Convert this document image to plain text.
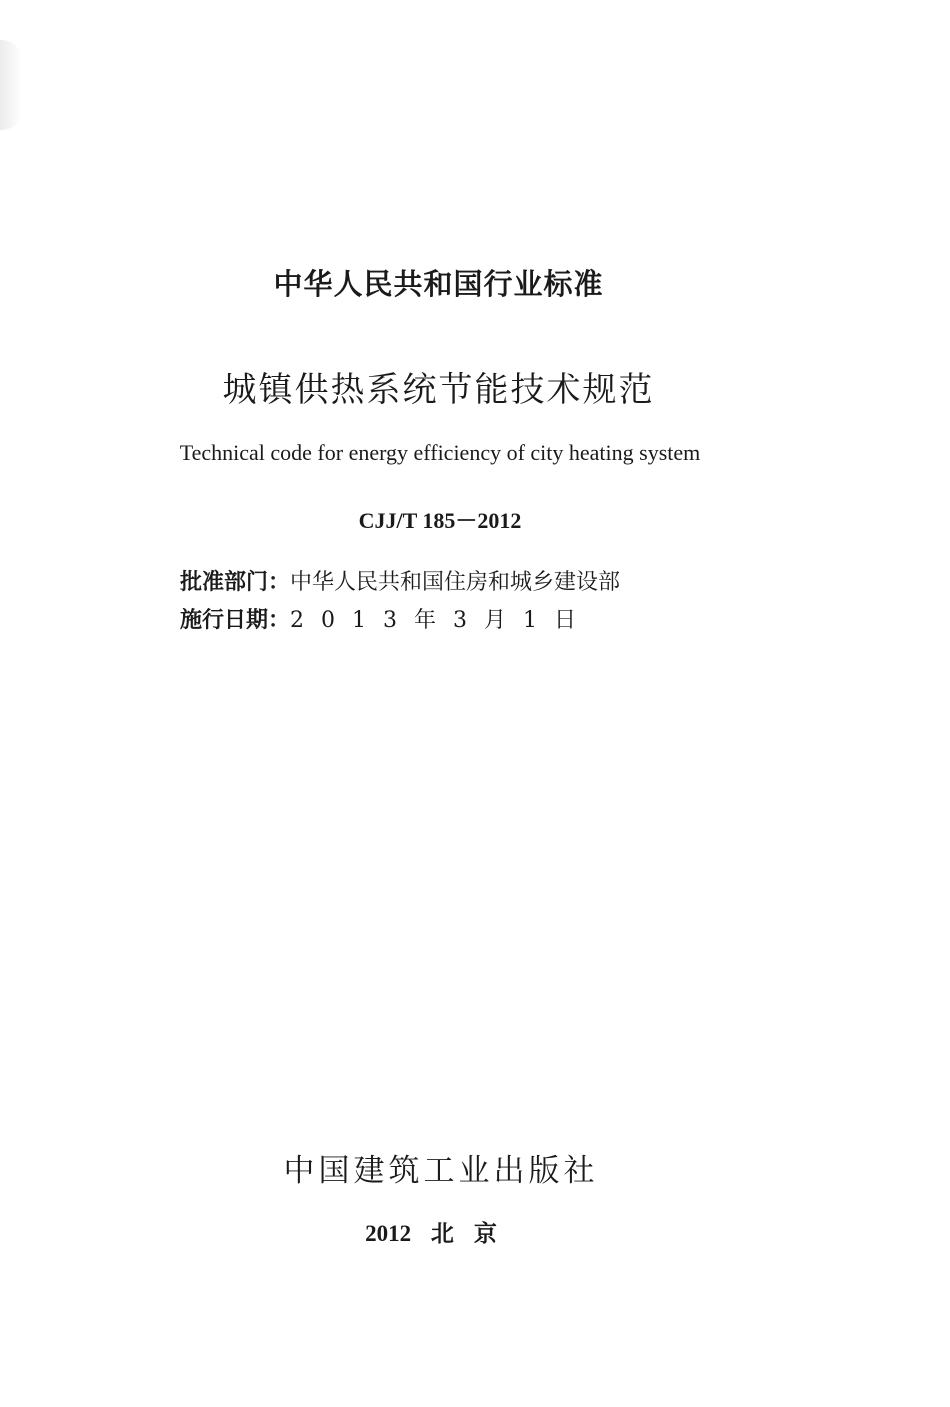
中华人民共和国行业标准
城镇供热系统节能技术规范
Technical code for energy efficiency of city heating system
CJJ/T 185－2012
批准部门：中华人民共和国住房和城乡建设部
施行日期：2013年3月1日
中国建筑工业出版社
2012 北京
